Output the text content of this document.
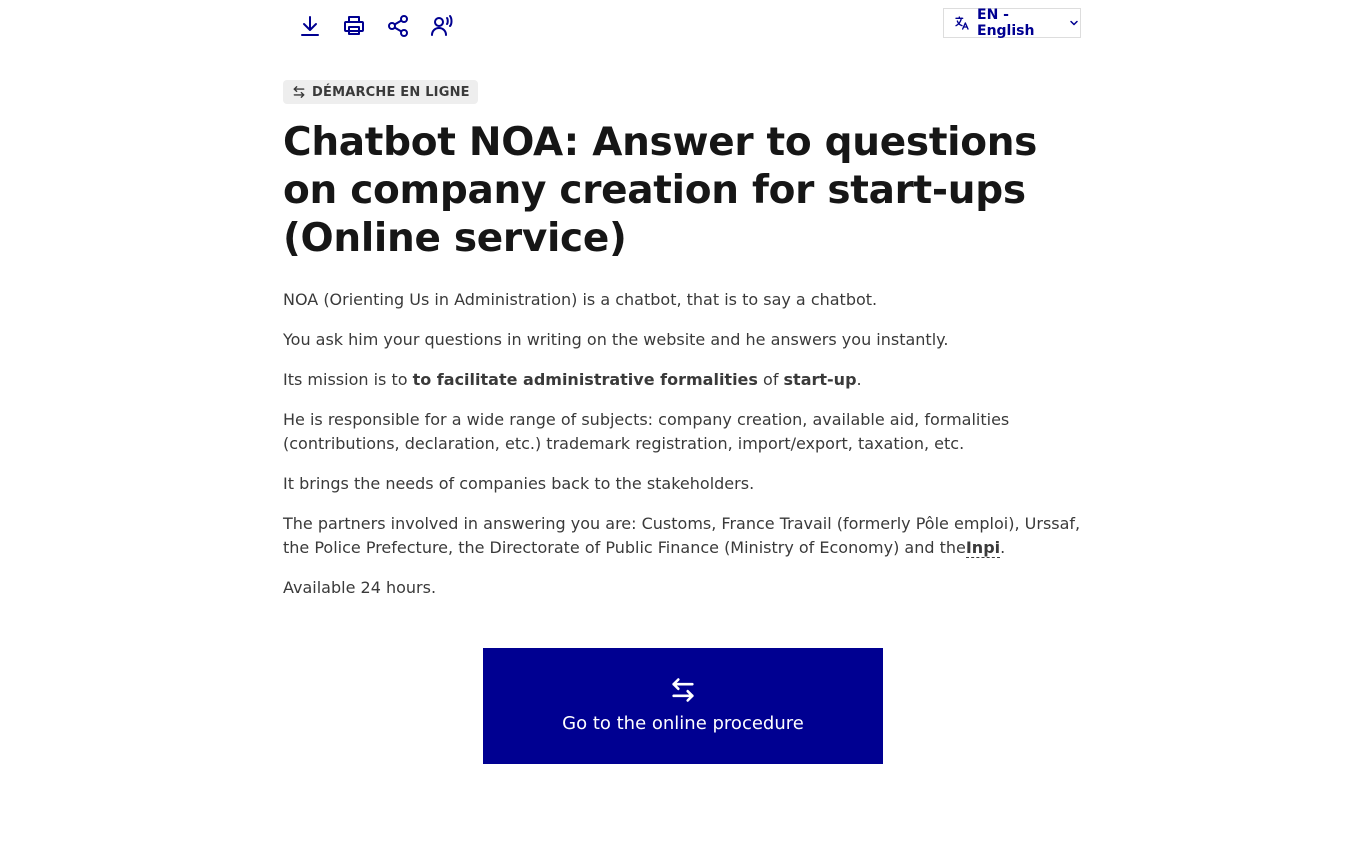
EN - English
DÉMARCHE EN LIGNE
Chatbot NOA: Answer to questions on company creation for start-ups (Online service)

NOA (Orienting Us in Administration) is a chatbot, that is to say a chatbot.

You ask him your questions in writing on the website and he answers you instantly.

Its mission is to to facilitate administrative formalities of start-up.

He is responsible for a wide range of subjects: company creation, available aid, formalities (contributions, declaration, etc.) trademark registration, import/export, taxation, etc.

It brings the needs of companies back to the stakeholders.

The partners involved in answering you are: Customs, France Travail (formerly Pôle emploi), Urssaf, the Police Prefecture, the Directorate of Public Finance (Ministry of Economy) and theInpi.

Available 24 hours.

Go to the online procedure
